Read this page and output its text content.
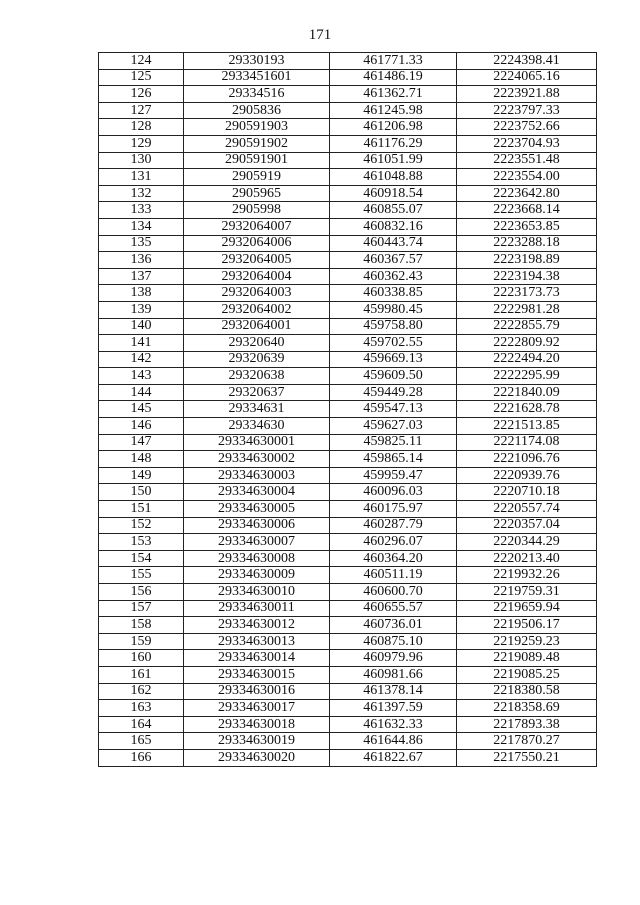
171
124	29330193	461771.33	2224398.41
125	2933451601	461486.19	2224065.16
126	29334516	461362.71	2223921.88
127	2905836	461245.98	2223797.33
128	290591903	461206.98	2223752.66
129	290591902	461176.29	2223704.93
130	290591901	461051.99	2223551.48
131	2905919	461048.88	2223554.00
132	2905965	460918.54	2223642.80
133	2905998	460855.07	2223668.14
134	2932064007	460832.16	2223653.85
135	2932064006	460443.74	2223288.18
136	2932064005	460367.57	2223198.89
137	2932064004	460362.43	2223194.38
138	2932064003	460338.85	2223173.73
139	2932064002	459980.45	2222981.28
140	2932064001	459758.80	2222855.79
141	29320640	459702.55	2222809.92
142	29320639	459669.13	2222494.20
143	29320638	459609.50	2222295.99
144	29320637	459449.28	2221840.09
145	29334631	459547.13	2221628.78
146	29334630	459627.03	2221513.85
147	29334630001	459825.11	2221174.08
148	29334630002	459865.14	2221096.76
149	29334630003	459959.47	2220939.76
150	29334630004	460096.03	2220710.18
151	29334630005	460175.97	2220557.74
152	29334630006	460287.79	2220357.04
153	29334630007	460296.07	2220344.29
154	29334630008	460364.20	2220213.40
155	29334630009	460511.19	2219932.26
156	29334630010	460600.70	2219759.31
157	29334630011	460655.57	2219659.94
158	29334630012	460736.01	2219506.17
159	29334630013	460875.10	2219259.23
160	29334630014	460979.96	2219089.48
161	29334630015	460981.66	2219085.25
162	29334630016	461378.14	2218380.58
163	29334630017	461397.59	2218358.69
164	29334630018	461632.33	2217893.38
165	29334630019	461644.86	2217870.27
166	29334630020	461822.67	2217550.21
